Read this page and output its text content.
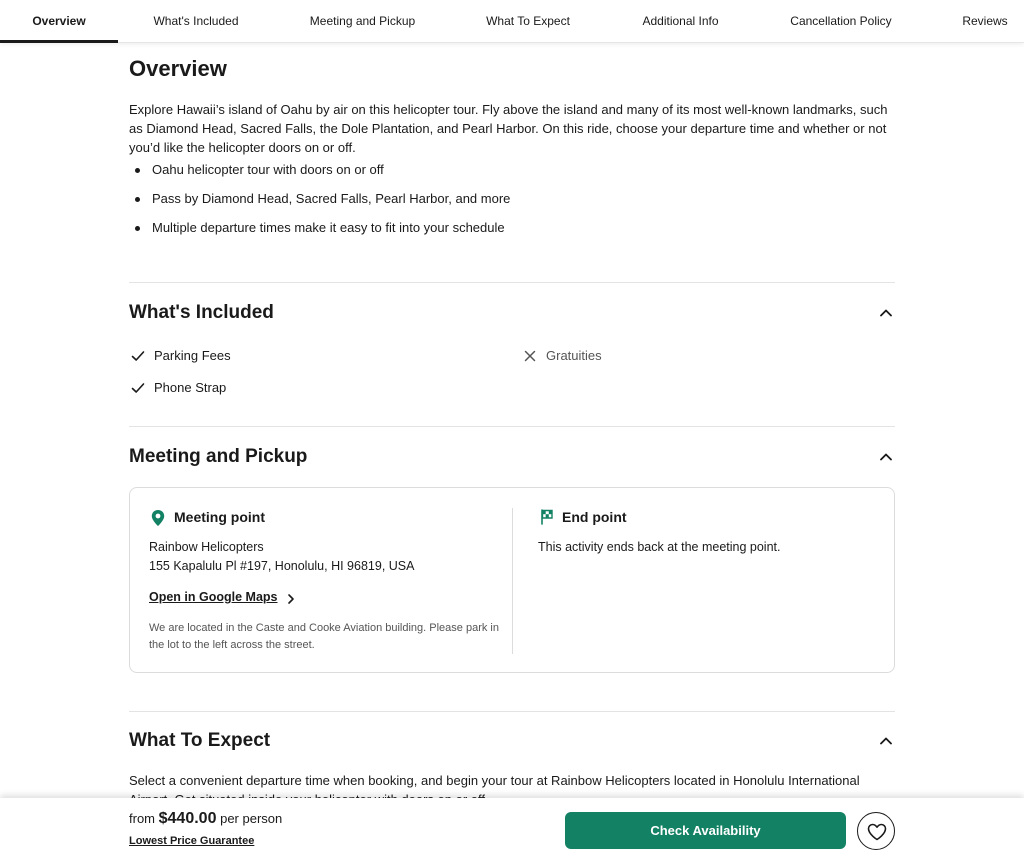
Overview	What's Included	Meeting and Pickup	What To Expect	Additional Info	Cancellation Policy	Reviews
Overview

Explore Hawaii’s island of Oahu by air on this helicopter tour. Fly above the island and many of its most well-known landmarks, such as Diamond Head, Sacred Falls, the Dole Plantation, and Pearl Harbor. On this ride, choose your departure time and whether or not you’d like the helicopter doors on or off.

Oahu helicopter tour with doors on or off
Pass by Diamond Head, Sacred Falls, Pearl Harbor, and more
Multiple departure times make it easy to fit into your schedule
What's Included
Parking Fees
Phone Strap
Gratuities
Meeting and Pickup
Meeting point
Rainbow Helicopters
155 Kapalulu Pl #197, Honolulu, HI 96819, USA
Open in Google Maps
We are located in the Caste and Cooke Aviation building. Please park in the lot to the left across the street.
End point
This activity ends back at the meeting point.
What To Expect

Select a convenient departure time when booking, and begin your tour at Rainbow Helicopters located in Honolulu International

from $440.00 per person
Lowest Price Guarantee
Check Availability
